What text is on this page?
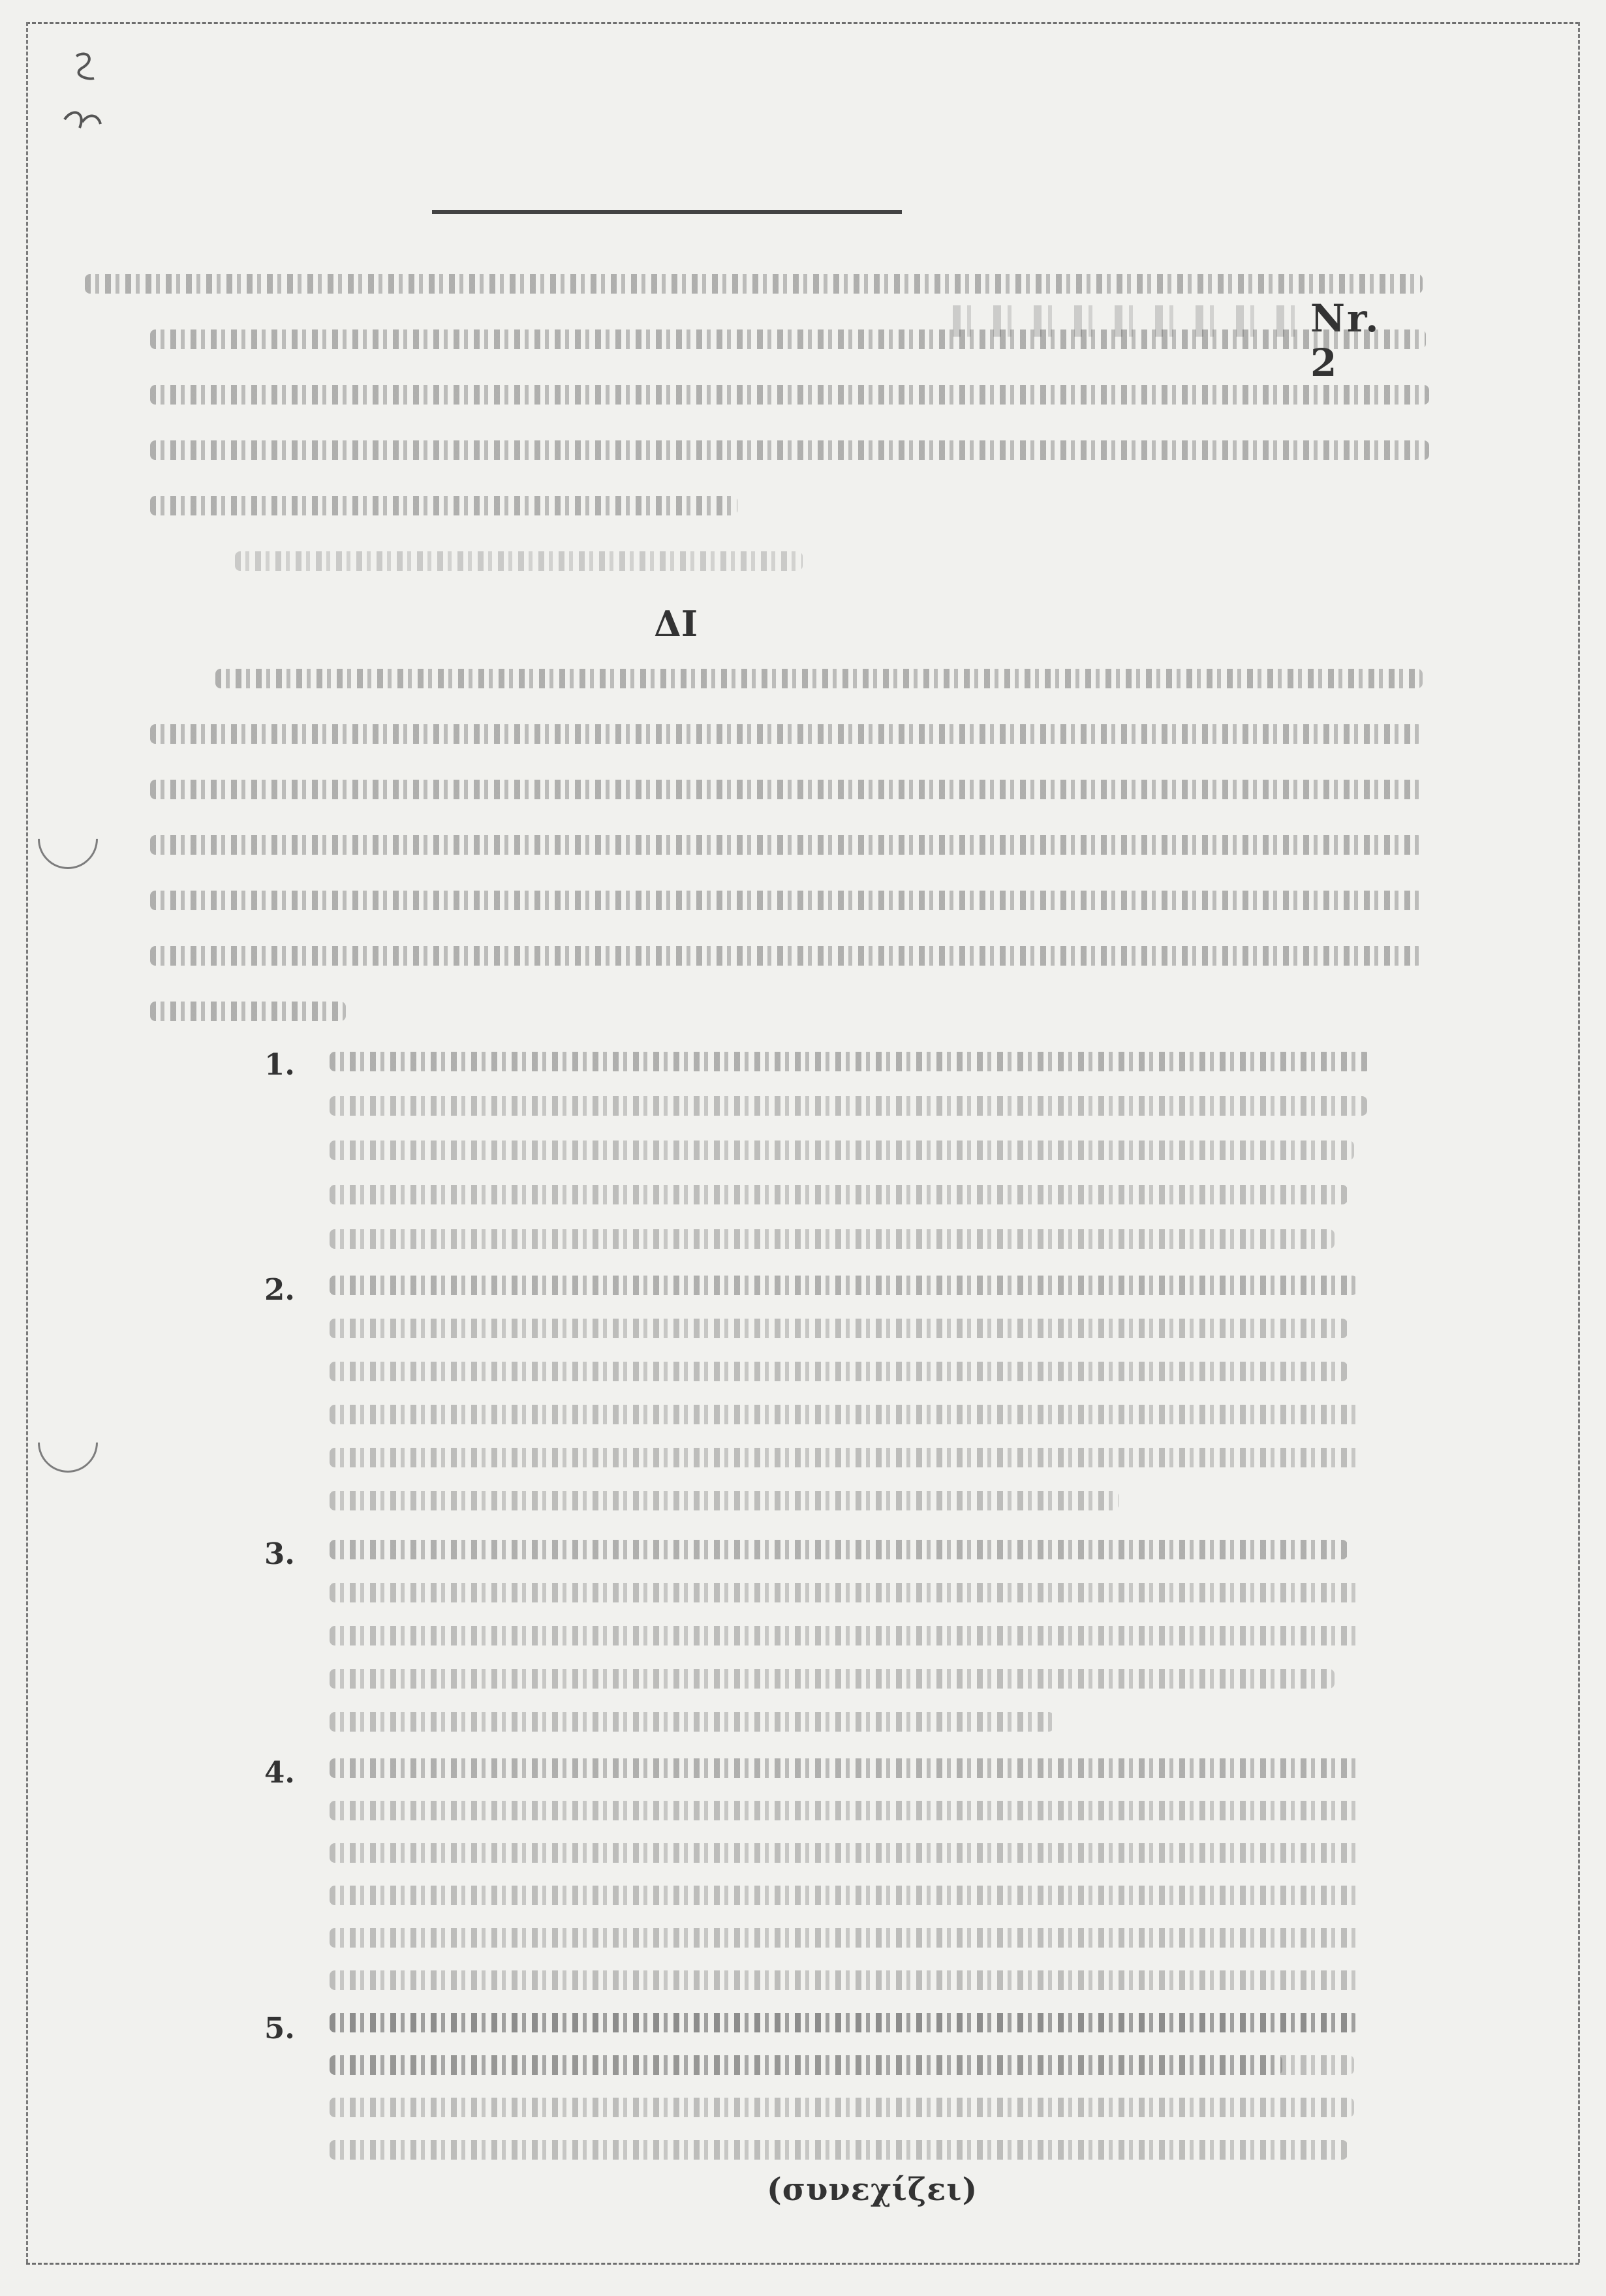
Nr. 2
ΔΙ
1.
2.
3.
4.
5.
(συνεχίζει)
